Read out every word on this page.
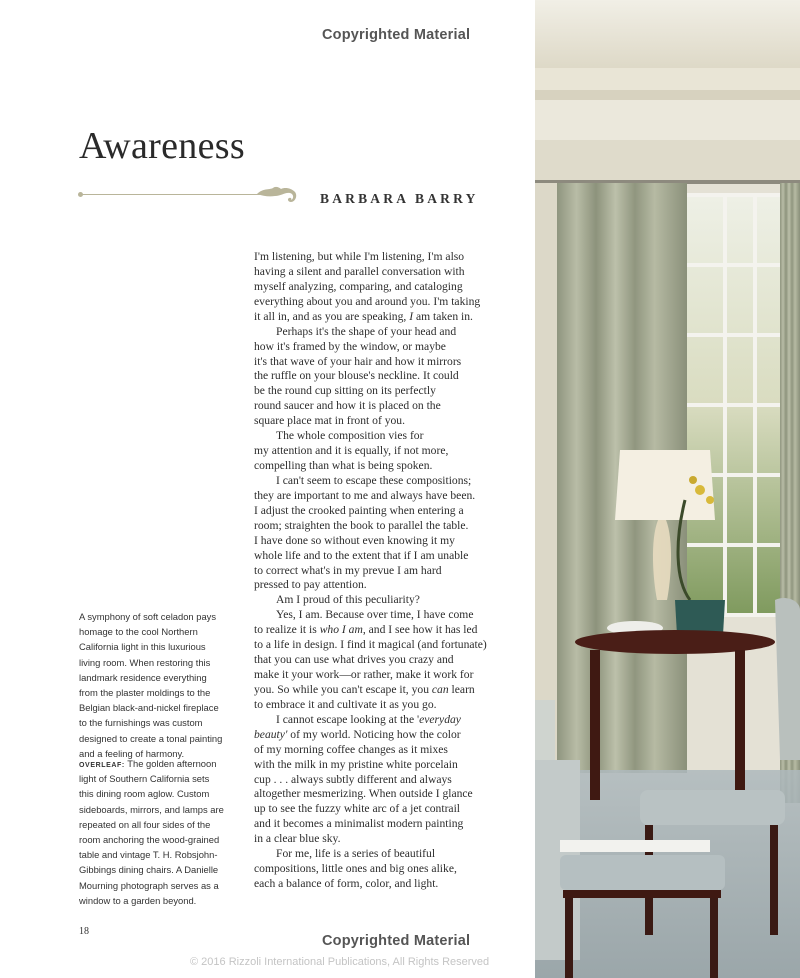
Copyrighted Material
Awareness
BARBARA BARRY
I'm listening, but while I'm listening, I'm also
having a silent and parallel conversation with
myself analyzing, comparing, and cataloging
everything about you and around you. I'm taking
it all in, and as you are speaking, I am taken in.
Perhaps it's the shape of your head and
how it's framed by the window, or maybe
it's that wave of your hair and how it mirrors
the ruffle on your blouse's neckline. It could
be the round cup sitting on its perfectly
round saucer and how it is placed on the
square place mat in front of you.
The whole composition vies for
my attention and it is equally, if not more,
compelling than what is being spoken.
I can't seem to escape these compositions;
they are important to me and always have been.
I adjust the crooked painting when entering a
room; straighten the book to parallel the table.
I have done so without even knowing it my
whole life and to the extent that if I am unable
to correct what's in my prevue I am hard
pressed to pay attention.
Am I proud of this peculiarity?
Yes, I am. Because over time, I have come
to realize it is who I am, and I see how it has led
to a life in design. I find it magical (and fortunate)
that you can use what drives you crazy and
make it your work—or rather, make it work for
you. So while you can't escape it, you can learn
to embrace it and cultivate it as you go.
I cannot escape looking at the 'everyday
beauty' of my world. Noticing how the color
of my morning coffee changes as it mixes
with the milk in my pristine white porcelain
cup . . . always subtly different and always
altogether mesmerizing. When outside I glance
up to see the fuzzy white arc of a jet contrail
and it becomes a minimalist modern painting
in a clear blue sky.
For me, life is a series of beautiful
compositions, little ones and big ones alike,
each a balance of form, color, and light.
A symphony of soft celadon pays
homage to the cool Northern
California light in this luxurious
living room. When restoring this
landmark residence everything
from the plaster moldings to the
Belgian black-and-nickel fireplace
to the furnishings was custom
designed to create a tonal painting
and a feeling of harmony.
OVERLEAF: The golden afternoon
light of Southern California sets
this dining room aglow. Custom
sideboards, mirrors, and lamps are
repeated on all four sides of the
room anchoring the wood-grained
table and vintage T. H. Robsjohn-
Gibbings dining chairs. A Danielle
Mourning photograph serves as a
window to a garden beyond.
18
© 2016 Rizzoli International Publications, All Rights Reserved
Copyrighted Material
